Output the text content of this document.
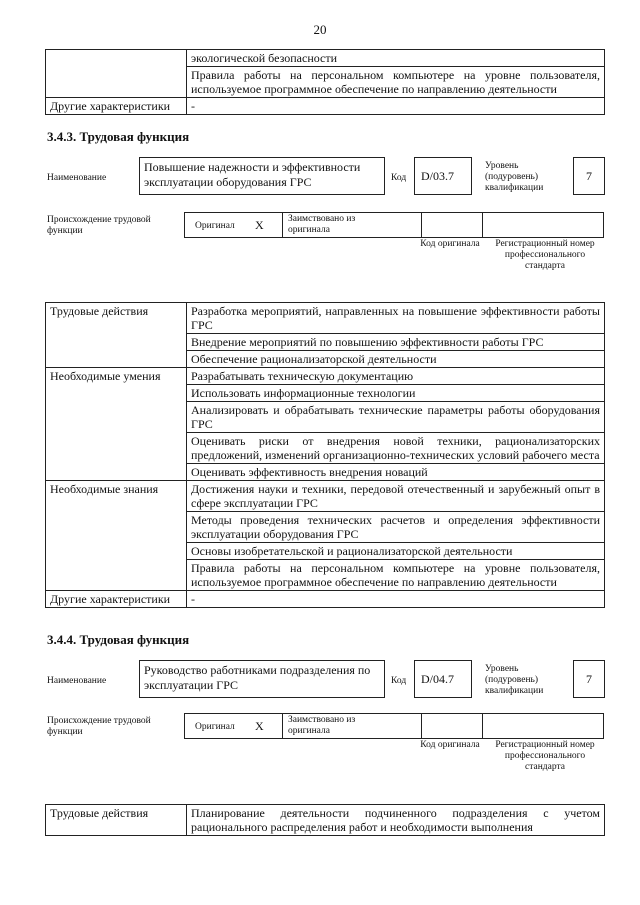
20
	экологической безопасности
	Правила работы на персональном компьютере на уровне пользователя, используемое программное обеспечение по направлению деятельности
Другие характеристики	-
3.4.3. Трудовая функция
Наименование
Повышение надежности и эффективности эксплуатации оборудования ГРС	Код	D/03.7
Уровень (подуровень) квалификации
7
Происхождение трудовой функции	Оригинал X	Заимствовано из оригинала
Код оригинала	Регистрационный номер профессионального стандарта
Трудовые действия	Разработка мероприятий, направленных на повышение эффективности работы ГРС
	Внедрение мероприятий по повышению эффективности работы ГРС
	Обеспечение рационализаторской деятельности
Необходимые умения	Разрабатывать техническую документацию
	Использовать информационные технологии
	Анализировать и обрабатывать технические параметры работы оборудования ГРС
	Оценивать риски от внедрения новой техники, рационализаторских предложений, изменений организационно-технических условий рабочего места
	Оценивать эффективность внедрения новаций
Необходимые знания	Достижения науки и техники, передовой отечественный и зарубежный опыт в сфере эксплуатации ГРС
	Методы проведения технических расчетов и определения эффективности эксплуатации оборудования ГРС
	Основы изобретательской и рационализаторской деятельности
	Правила работы на персональном компьютере на уровне пользователя, используемое программное обеспечение по направлению деятельности
Другие характеристики	-
3.4.4. Трудовая функция
Наименование
Руководство работниками подразделения по эксплуатации ГРС	Код	D/04.7
Уровень (подуровень) квалификации
7
Происхождение трудовой функции	Оригинал X	Заимствовано из оригинала
Код оригинала	Регистрационный номер профессионального стандарта
Трудовые действия	Планирование деятельности подчиненного подразделения с учетом рационального распределения работ и необходимости выполнения
